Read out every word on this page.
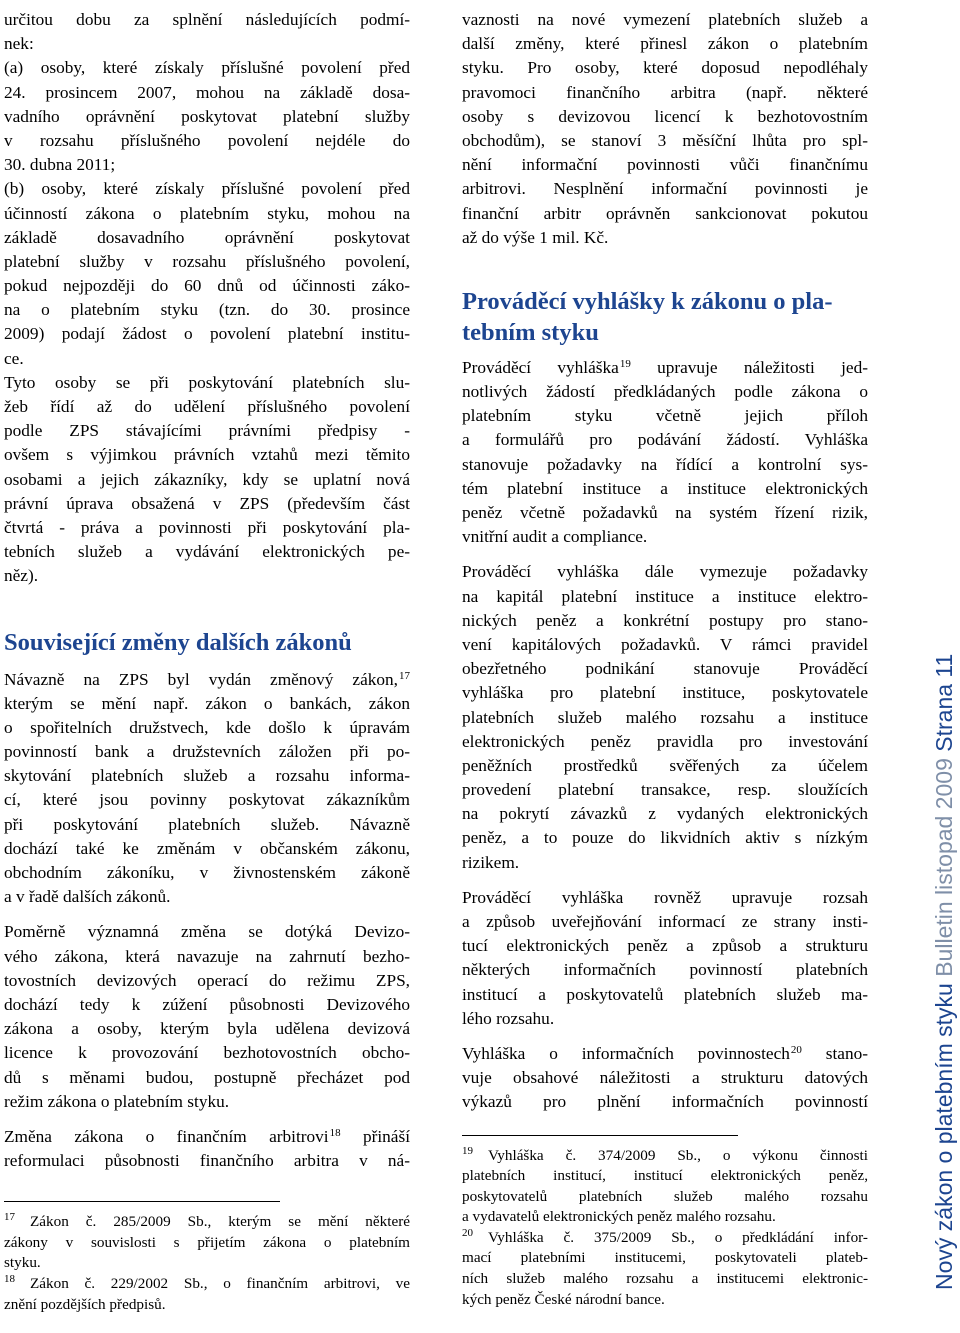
určitou dobu za splnění následujících podmí-
nek:
(a) osoby, které získaly příslušné povolení před
24. prosincem 2007, mohou na základě dosa-
vadního oprávnění poskytovat platební služby
v rozsahu příslušného povolení nejdéle do
30. dubna 2011;
(b) osoby, které získaly příslušné povolení před
účinností zákona o platebním styku, mohou na
základě dosavadního oprávnění poskytovat
platební služby v rozsahu příslušného povolení,
pokud nejpozději do 60 dnů od účinnosti záko-
na o platebním styku (tzn. do 30. prosince
2009) podají žádost o povolení platební institu-
ce.
Tyto osoby se při poskytování platebních slu-
žeb řídí až do udělení příslušného povolení
podle ZPS stávajícími právními předpisy -
ovšem s výjimkou právních vztahů mezi těmito
osobami a jejich zákazníky, kdy se uplatní nová
právní úprava obsažená v ZPS (především část
čtvrtá - práva a povinnosti při poskytování pla-
tebních služeb a vydávání elektronických pe-
něz).
Související změny dalších zákonů
Návazně na ZPS byl vydán změnový zákon,$^{17}$
kterým se mění např. zákon o bankách, zákon
o spořitelních družstvech, kde došlo k úpravám
povinností bank a družstevních záložen při po-
skytování platebních služeb a rozsahu informa-
cí, které jsou povinny poskytovat zákazníkům
při poskytování platebních služeb. Návazně
dochází také ke změnám v občanském zákonu,
obchodním zákoníku, v živnostenském zákoně
a v řadě dalších zákonů.
Poměrně významná změna se dotýká Devizo-
vého zákona, která navazuje na zahrnutí bezho-
tovostních devizových operací do režimu ZPS,
dochází tedy k zúžení působnosti Devizového
zákona a osoby, kterým byla udělena devizová
licence k provozování bezhotovostních obcho-
dů s měnami budou, postupně přecházet pod
režim zákona o platebním styku.
Změna zákona o finančním arbitrovi$^{18}$ přináší
reformulaci působnosti finančního arbitra v ná-
17 Zákon č. 285/2009 Sb., kterým se mění některé
zákony v souvislosti s přijetím zákona o platebním
styku.
18 Zákon č. 229/2002 Sb., o finančním arbitrovi, ve
znění pozdějších předpisů.
vaznosti na nové vymezení platebních služeb a
další změny, které přinesl zákon o platebním
styku. Pro osoby, které doposud nepodléhaly
pravomoci finančního arbitra (např. některé
osoby s devizovou licencí k bezhotovostním
obchodům), se stanoví 3 měsíční lhůta pro spl-
nění informační povinnosti vůči finančnímu
arbitrovi. Nesplnění informační povinnosti je
finanční arbitr oprávněn sankcionovat pokutou
až do výše 1 mil. Kč.
Prováděcí vyhlášky k zákonu o pla-
tebním styku
Prováděcí vyhláška$^{19}$ upravuje náležitosti jed-
notlivých žádostí předkládaných podle zákona o
platebním styku včetně jejich příloh
a formulářů pro podávání žádostí. Vyhláška
stanovuje požadavky na řídící a kontrolní sys-
tém platební instituce a instituce elektronických
peněz včetně požadavků na systém řízení rizik,
vnitřní audit a compliance.
Prováděcí vyhláška dále vymezuje požadavky
na kapitál platební instituce a instituce elektro-
nických peněz a konkrétní postupy pro stano-
vení kapitálových požadavků. V rámci pravidel
obezřetného podnikání stanovuje Prováděcí
vyhláška pro platební instituce, poskytovatele
platebních služeb malého rozsahu a instituce
elektronických peněz pravidla pro investování
peněžních prostředků svěřených za účelem
provedení platební transakce, resp. sloužících
na pokrytí závazků z vydaných elektronických
peněz, a to pouze do likvidních aktiv s nízkým
rizikem.
Prováděcí vyhláška rovněž upravuje rozsah
a způsob uveřejňování informací ze strany insti-
tucí elektronických peněz a způsob a strukturu
některých informačních povinností platebních
institucí a poskytovatelů platebních služeb ma-
lého rozsahu.
Vyhláška o informačních povinnostech$^{20}$ stano-
vuje obsahové náležitosti a strukturu datových
výkazů pro plnění informačních povinností
19 Vyhláška č. 374/2009 Sb., o výkonu činnosti
platebních institucí, institucí elektronických peněz,
poskytovatelů platebních služeb malého rozsahu
a vydavatelů elektronických peněz malého rozsahu.
20 Vyhláška č. 375/2009 Sb., o předkládání infor-
mací platebními institucemi, poskytovateli plateb-
ních služeb malého rozsahu a institucemi elektronic-
kých peněz České národní bance.
Nový zákon o platebním styku Bulletin listopad 2009 Strana 11
